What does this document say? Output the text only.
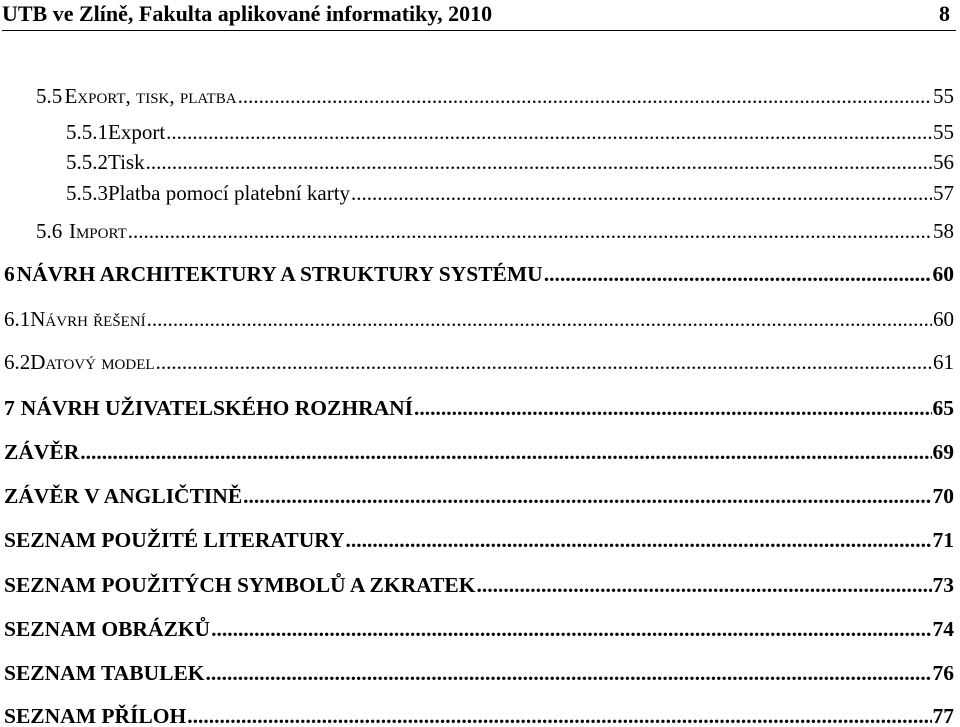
UTB ve Zlíně, Fakulta aplikované informatiky, 2010	8
5.5 Export, tisk, platba .....	55
5.5.1 Export .....	55
5.5.2 Tisk .....	56
5.5.3 Platba pomocí platební karty .....	57
5.6 Import .....	58
6 NÁVRH ARCHITEKTURY A STRUKTURY SYSTÉMU .....	60
6.1 Návrh řešení .....	60
6.2 Datový model .....	61
7 NÁVRH UŽIVATELSKÉHO ROZHRANÍ .....	65
ZÁVĚR .....	69
ZÁVĚR V ANGLIČTINĚ .....	70
SEZNAM POUŽITÉ LITERATURY .....	71
SEZNAM POUŽITÝCH SYMBOLŮ A ZKRATEK .....	73
SEZNAM OBRÁZKŮ .....	74
SEZNAM TABULEK .....	76
SEZNAM PŘÍLOH .....	77
